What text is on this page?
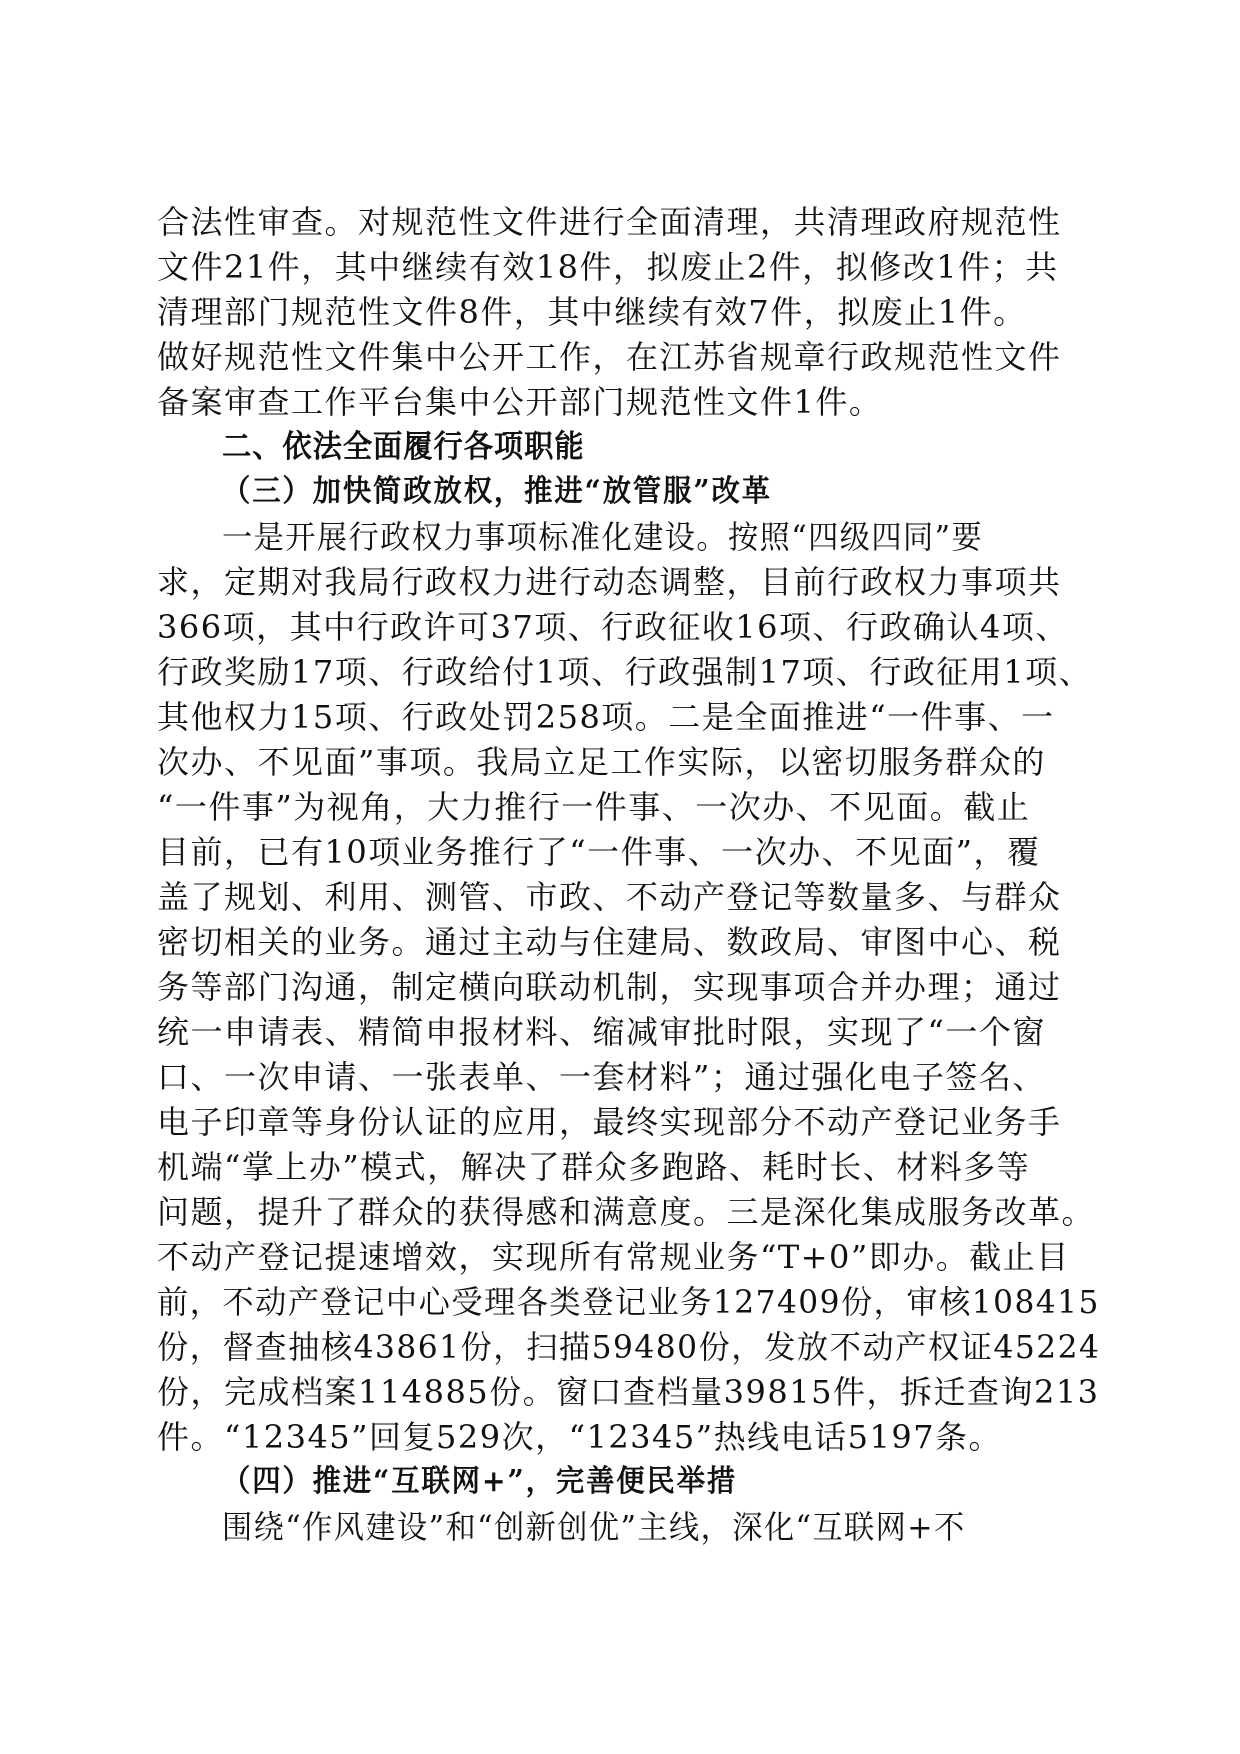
合法性审查。对规范性文件进行全面清理，共清理政府规范性
文件21件，其中继续有效18件，拟废止2件，拟修改1件；共
清理部门规范性文件8件，其中继续有效7件，拟废止1件。
做好规范性文件集中公开工作，在江苏省规章行政规范性文件
备案审查工作平台集中公开部门规范性文件1件。
二、依法全面履行各项职能
（三）加快简政放权，推进“放管服”改革
一是开展行政权力事项标准化建设。按照“四级四同”要
求，定期对我局行政权力进行动态调整，目前行政权力事项共
366项，其中行政许可37项、行政征收16项、行政确认4项、
行政奖励17项、行政给付1项、行政强制17项、行政征用1项、
其他权力15项、行政处罚258项。二是全面推进“一件事、一
次办、不见面”事项。我局立足工作实际，以密切服务群众的
“一件事”为视角，大力推行一件事、一次办、不见面。截止
目前，已有10项业务推行了“一件事、一次办、不见面”，覆
盖了规划、利用、测管、市政、不动产登记等数量多、与群众
密切相关的业务。通过主动与住建局、数政局、审图中心、税
务等部门沟通，制定横向联动机制，实现事项合并办理；通过
统一申请表、精简申报材料、缩减审批时限，实现了“一个窗
口、一次申请、一张表单、一套材料”；通过强化电子签名、
电子印章等身份认证的应用，最终实现部分不动产登记业务手
机端“掌上办”模式，解决了群众多跑路、耗时长、材料多等
问题，提升了群众的获得感和满意度。三是深化集成服务改革。
不动产登记提速增效，实现所有常规业务“T+0”即办。截止目
前，不动产登记中心受理各类登记业务127409份，审核108415
份，督查抽核43861份，扫描59480份，发放不动产权证45224
份，完成档案114885份。窗口查档量39815件，拆迁查询213
件。“12345”回复529次，“12345”热线电话5197条。
（四）推进“互联网+”，完善便民举措
围绕“作风建设”和“创新创优”主线，深化“互联网+不
